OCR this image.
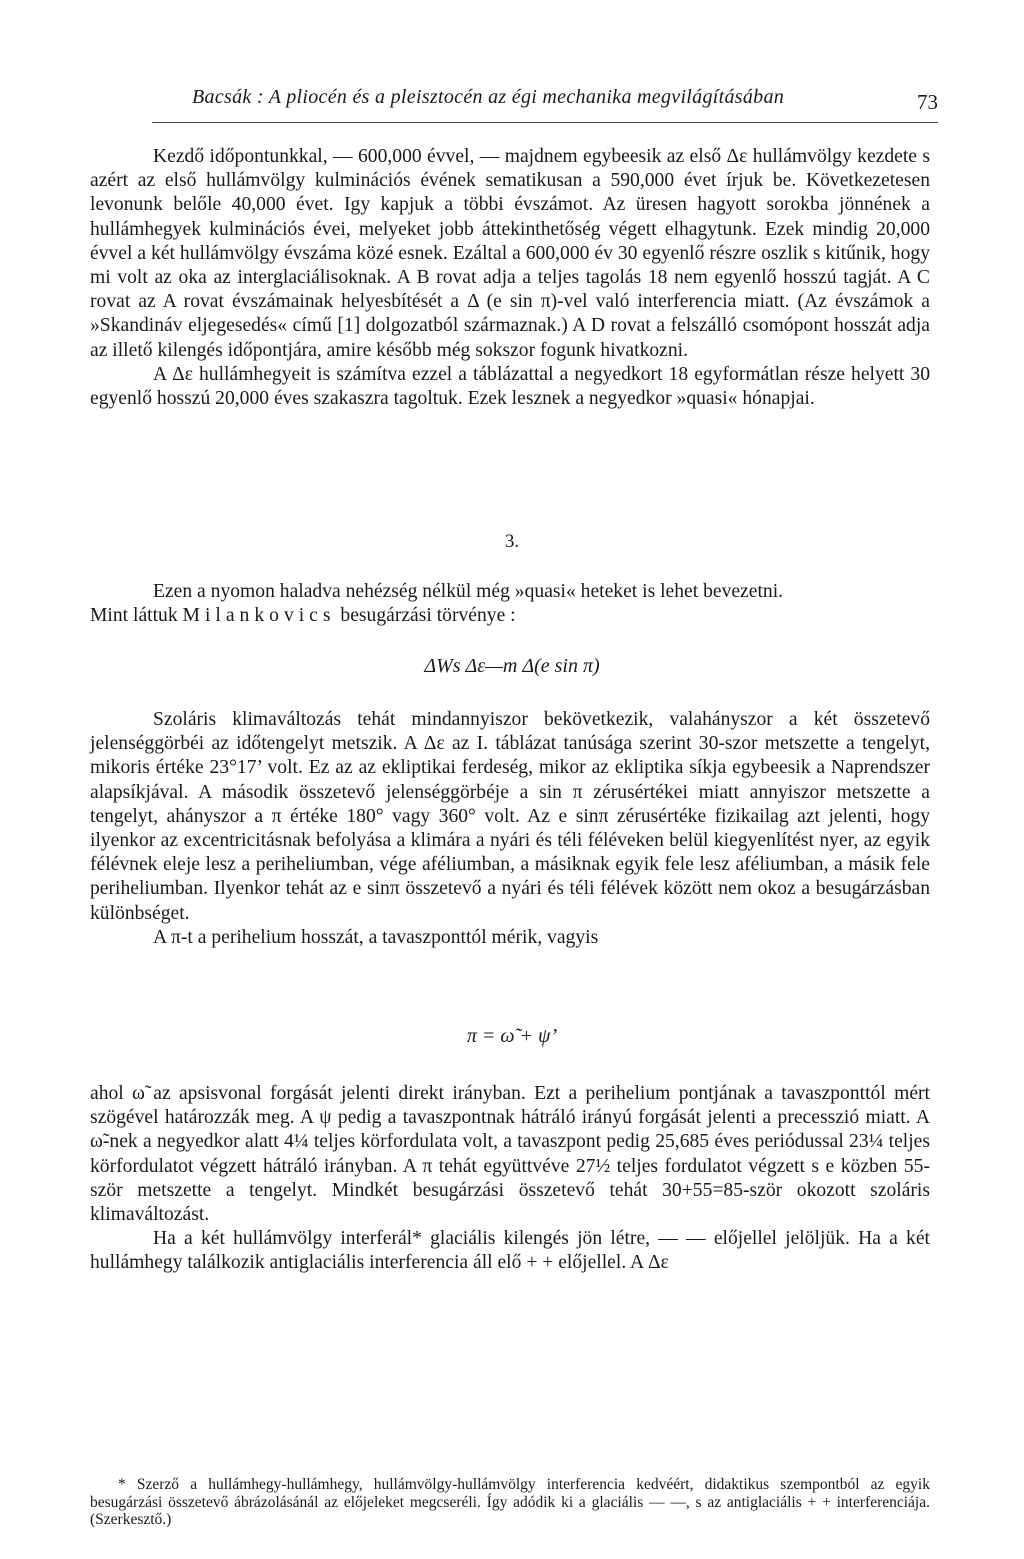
Bacsák : A pliocén és a pleisztocén az égi mechanika megvilágításában	73

Kezdő időpontunkkal, — 600,000 évvel, — majdnem egybeesik az első Δε hullámvölgy kezdete s azért az első hullámvölgy kulminációs évének sematikusan a 590,000 évet írjuk be. Következetesen levonunk belőle 40,000 évet. Igy kapjuk a többi évszámot. Az üresen hagyott sorokba jönnének a hullámhegyek kulminációs évei, melyeket jobb áttekinthetőség végett elhagytunk. Ezek mindig 20,000 évvel a két hullámvölgy évszáma közé esnek. Ezáltal a 600,000 év 30 egyenlő részre oszlik s kitűnik, hogy mi volt az oka az interglaciálisoknak. A B rovat adja a teljes tagolás 18 nem egyenlő hosszú tagját. A C rovat az A rovat évszámainak helyesbítését a Δ (e sin π)-vel való interferencia miatt. (Az évszámok a »Skandináv eljegesedés« című [1] dolgozatból származnak.) A D rovat a felszálló csomópont hosszát adja az illető kilengés időpontjára, amire később még sokszor fogunk hivatkozni.

A Δε hullámhegyeit is számítva ezzel a táblázattal a negyedkort 18 egyformátlan része helyett 30 egyenlő hosszú 20,000 éves szakaszra tagoltuk. Ezek lesznek a negyedkor »quasi« hónapjai.

3.

Ezen a nyomon haladva nehézség nélkül még »quasi« heteket is lehet bevezetni.

Mint láttuk Milankovics besugárzási törvénye :

ΔWs Δε—m Δ(e sin π)

Szoláris klimaváltozás tehát mindannyiszor bekövetkezik, valahányszor a két összetevő jelenséggörbéi az időtengelyt metszik. A Δε az I. táblázat tanúsága szerint 30-szor metszette a tengelyt, mikoris értéke 23°17’ volt. Ez az az ekliptikai ferdeség, mikor az ekliptika síkja egybeesik a Naprendszer alapsíkjával. A második összetevő jelenséggörbéje a sin π zérusértékei miatt annyiszor metszette a tengelyt, ahányszor a π értéke 180° vagy 360° volt. Az e sinπ zérusértéke fizikailag azt jelenti, hogy ilyenkor az excentricitásnak befolyása a klimára a nyári és téli féléveken belül kiegyenlítést nyer, az egyik félévnek eleje lesz a periheliumban, vége aféliumban, a másiknak egyik fele lesz aféliumban, a másik fele periheliumban. Ilyenkor tehát az e sinπ összetevő a nyári és téli félévek között nem okoz a besugárzásban különbséget.

A π-t a perihelium hosszát, a tavaszponttól mérik, vagyis

π = ω̃ + ψ’

ahol ω̃ az apsisvonal forgását jelenti direkt irányban. Ezt a perihelium pontjának a tavaszponttól mért szögével határozzák meg. A ψ pedig a tavaszpontnak hátráló irányú forgását jelenti a precesszió miatt. A ω̃-nek a negyedkor alatt 4¼ teljes körfordulata volt, a tavaszpont pedig 25,685 éves periódussal 23¼ teljes körfordulatot végzett hátráló irányban. A π tehát együttvéve 27½ teljes fordulatot végzett s e közben 55-ször metszette a tengelyt. Mindkét besugárzási összetevő tehát 30+55=85-ször okozott szoláris klimaváltozást.

Ha a két hullámvölgy interferál* glaciális kilengés jön létre, — — előjellel jelöljük. Ha a két hullámhegy találkozik antiglaciális interferencia áll elő + + előjellel. A Δε

* Szerző a hullámhegy-hullámhegy, hullámvölgy-hullámvölgy interferencia kedvéért, didaktikus szempontból az egyik besugárzási összetevő ábrázolásánál az előjeleket megcseréli. Így adódik ki a glaciális — —, s az antiglaciális + + interferenciája. (Szerkesztő.)
